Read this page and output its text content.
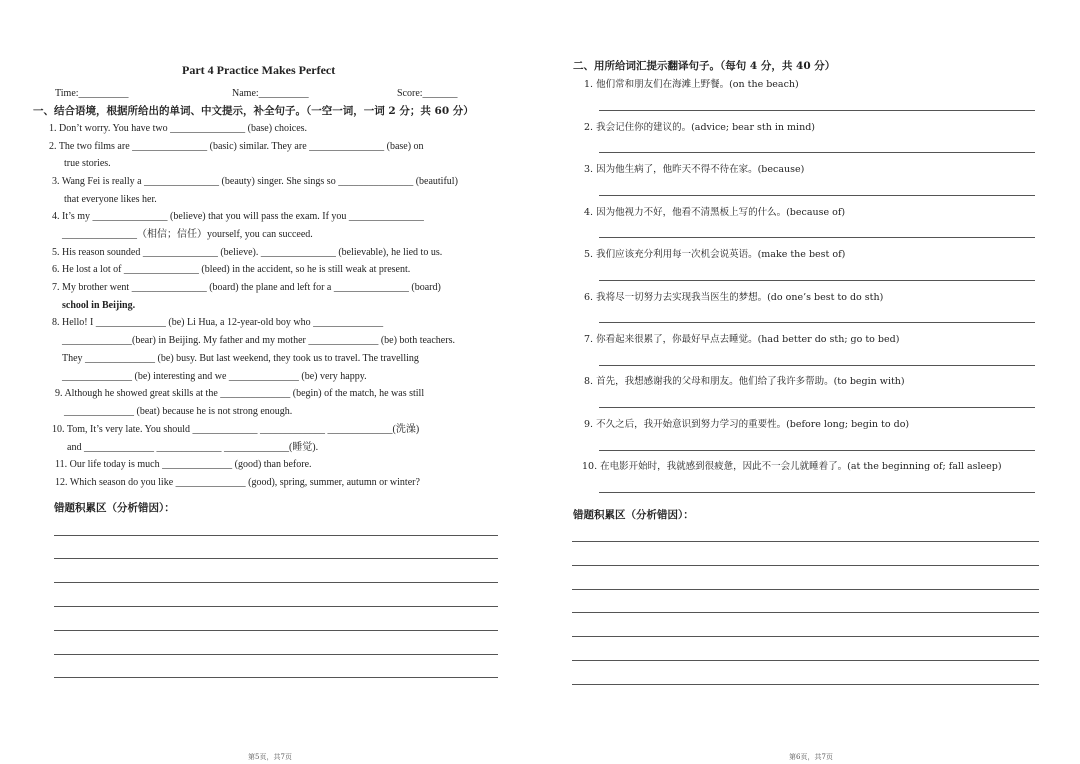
Part 4 Practice Makes Perfect
Time:__________	Name:__________	Score:_______
一、结合语境，根据所给出的单词、中文提示，补全句子。（一空一词，一词 2 分；共 60 分）
1. Don’t worry. You have two _______________ (base) choices.
2. The two films are _______________ (basic) similar. They are _______________ (base) on
true stories.
3. Wang Fei is really a _______________ (beauty) singer. She sings so _______________ (beautiful)
that everyone likes her.
4. It’s my _______________ (believe) that you will pass the exam. If you _______________
_______________（相信；信任）yourself, you can succeed.
5. His reason sounded _______________ (believe). _______________ (believable), he lied to us.
6. He lost a lot of _______________ (bleed) in the accident, so he is still weak at present.
7. My brother went _______________ (board) the plane and left for a _______________ (board)
school in Beijing.
8. Hello! I ______________ (be) Li Hua, a 12-year-old boy who ______________
______________(bear) in Beijing. My father and my mother ______________ (be) both teachers.
They ______________ (be) busy. But last weekend, they took us to travel. The travelling
______________ (be) interesting and we ______________ (be) very happy.
9. Although he showed great skills at the ______________ (begin) of the match, he was still
______________ (beat) because he is not strong enough.
10. Tom, It’s very late. You should _____________ _____________ _____________(洗澡)
and ______________ _____________ _____________(睡觉).
11. Our life today is much ______________ (good) than before.
12. Which season do you like ______________ (good), spring, summer, autumn or winter?
错题积累区（分析错因）：
第5页，共7页
二、用所给词汇提示翻译句子。（每句 4 分，共 40 分）
1. 他们常和朋友们在海滩上野餐。(on the beach)
2. 我会记住你的建议的。(advice; bear sth in mind)
3. 因为他生病了，他昨天不得不待在家。(because)
4. 因为他视力不好，他看不清黑板上写的什么。(because of)
5. 我们应该充分利用每一次机会说英语。(make the best of)
6. 我将尽一切努力去实现我当医生的梦想。(do one’s best to do sth)
7. 你看起来很累了，你最好早点去睡觉。(had better do sth; go to bed)
8. 首先，我想感谢我的父母和朋友。他们给了我许多帮助。(to begin with)
9. 不久之后，我开始意识到努力学习的重要性。(before long; begin to do)
10. 在电影开始时，我就感到很疲惫，因此不一会儿就睡着了。(at the beginning of; fall asleep)
错题积累区（分析错因）：
第6页，共7页
